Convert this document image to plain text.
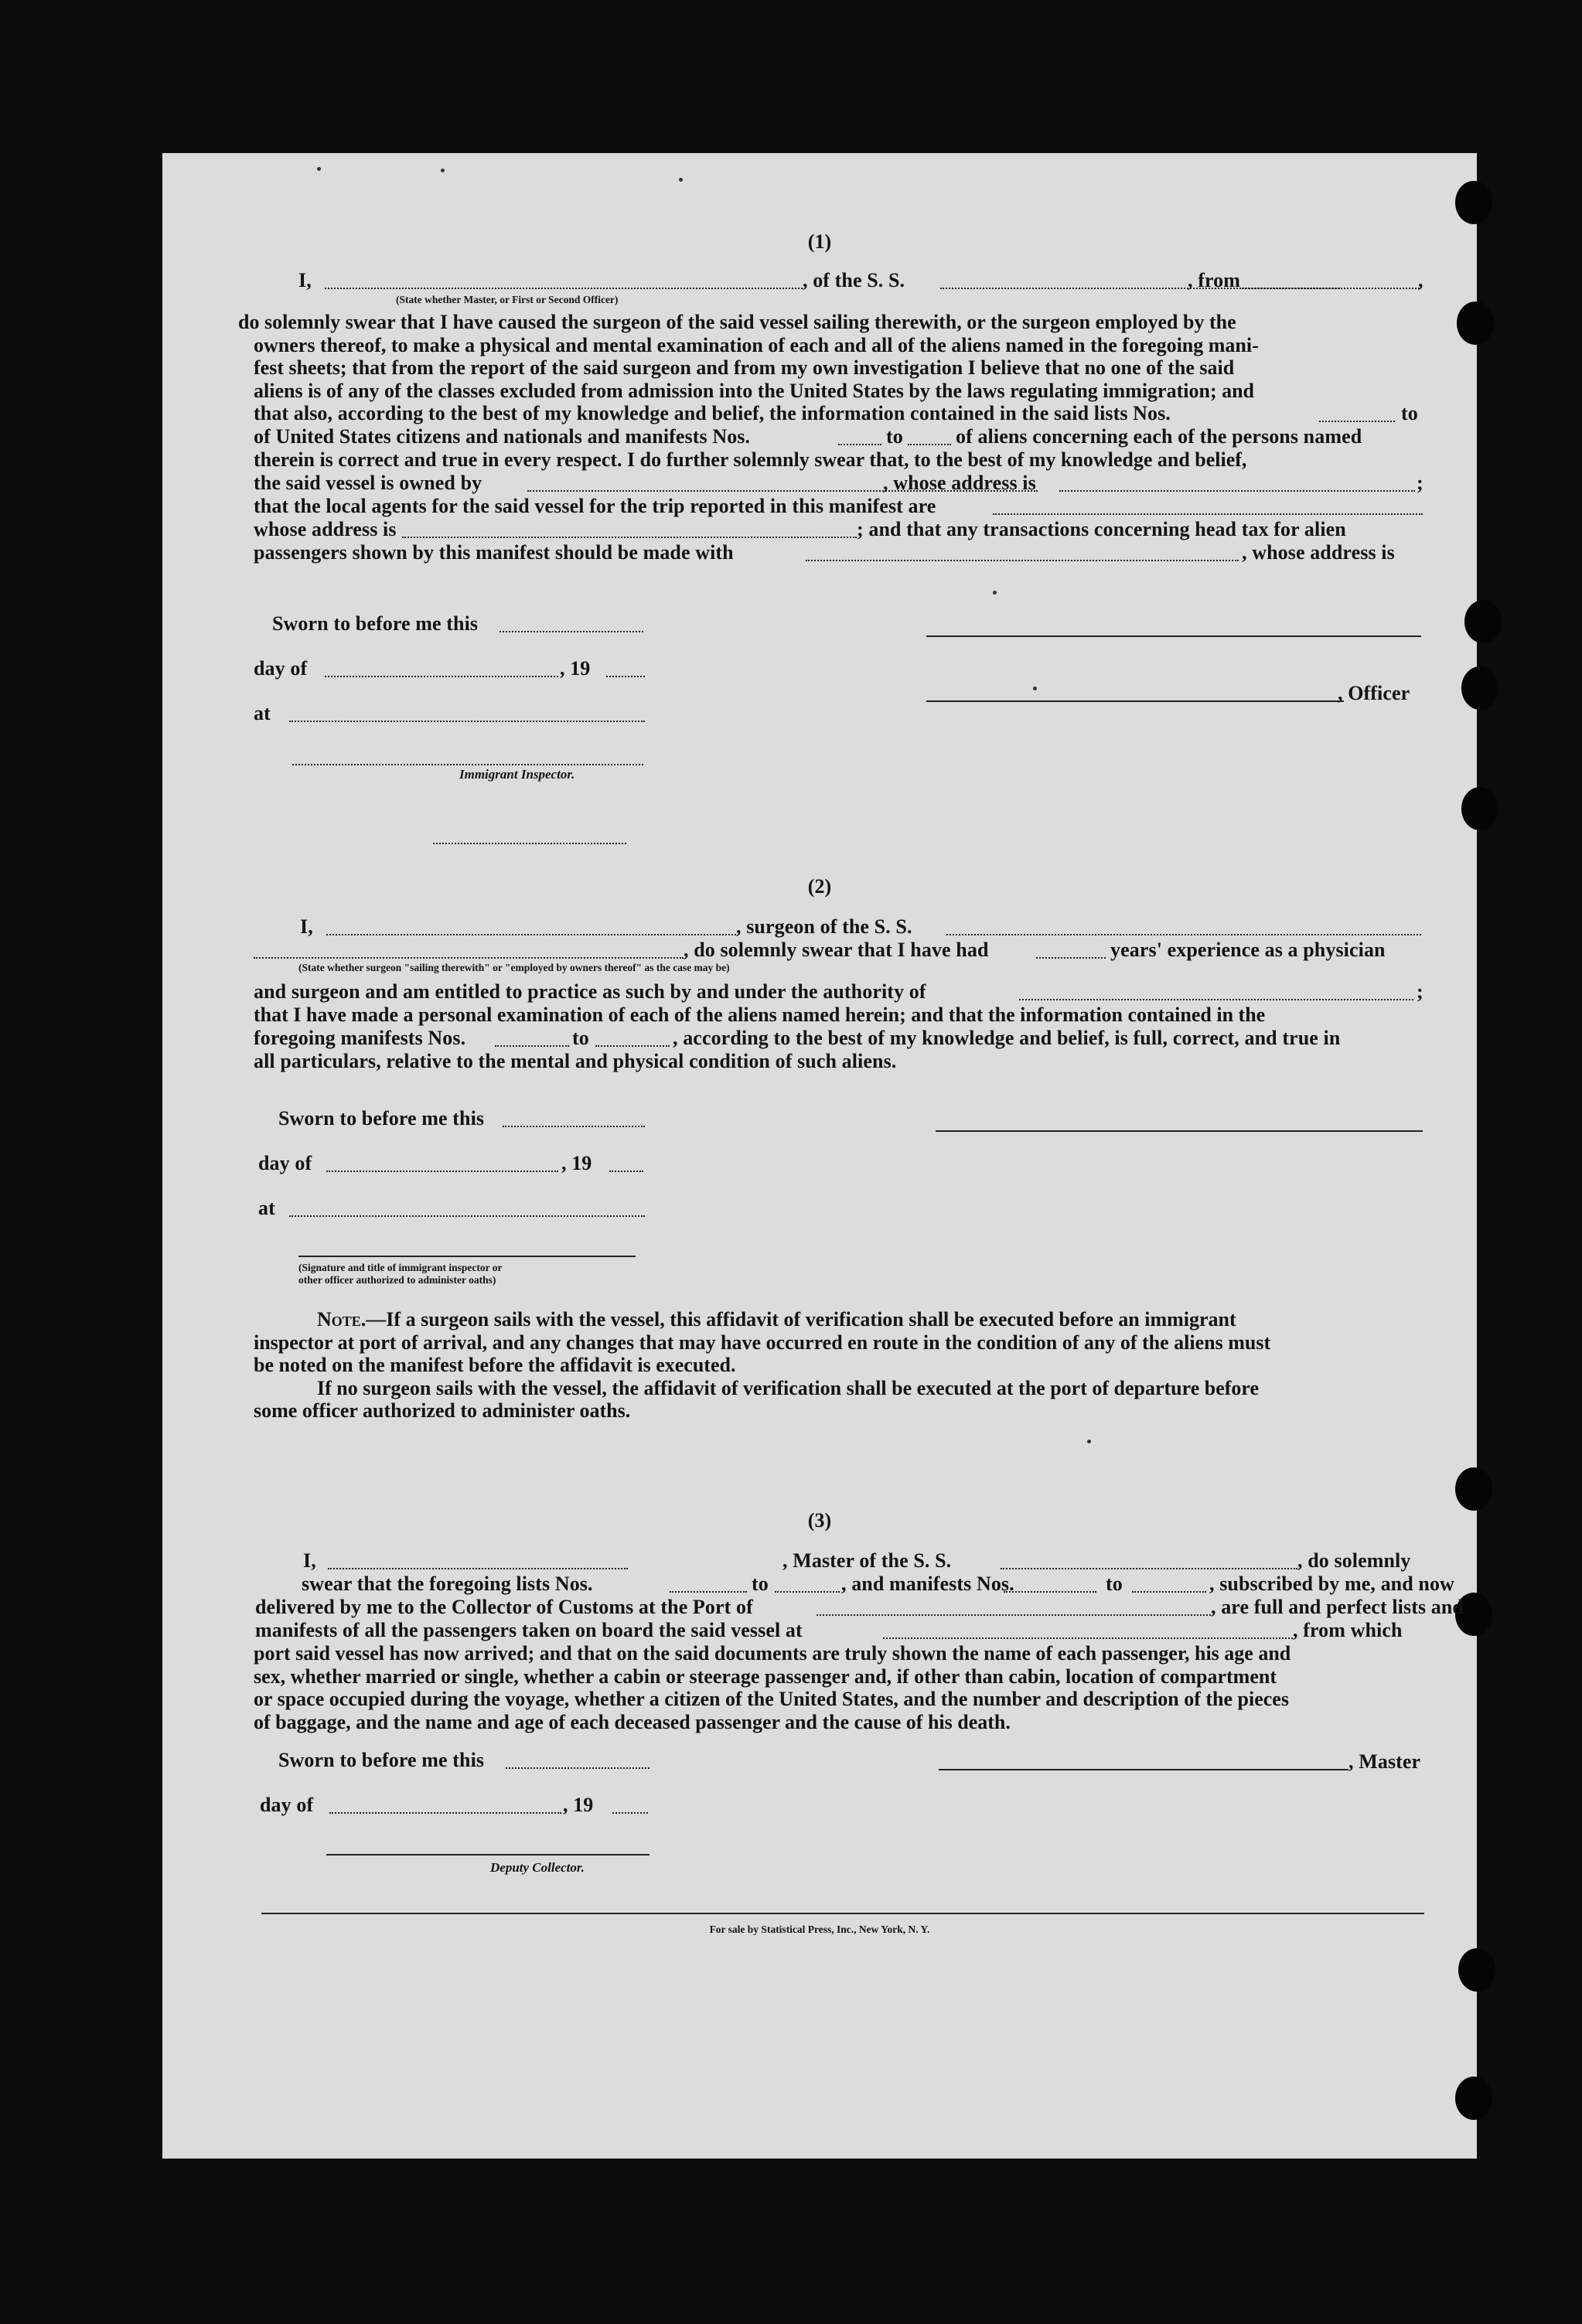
(1)
I,	, of the S. S.	, from	,
(State whether Master, or First or Second Officer)
do solemnly swear that I have caused the surgeon of the said vessel sailing therewith, or the surgeon employed by the
owners thereof, to make a physical and mental examination of each and all of the aliens named in the foregoing mani-
fest sheets; that from the report of the said surgeon and from my own investigation I believe that no one of the said
aliens is of any of the classes excluded from admission into the United States by the laws regulating immigration; and
that also, according to the best of my knowledge and belief, the information contained in the said lists Nos.	to
of United States citizens and nationals and manifests Nos.	to	of aliens concerning each of the persons named
therein is correct and true in every respect. I do further solemnly swear that, to the best of my knowledge and belief,
the said vessel is owned by	, whose address is	;
that the local agents for the said vessel for the trip reported in this manifest are
whose address is	; and that any transactions concerning head tax for alien
passengers shown by this manifest should be made with	, whose address is
Sworn to before me this
day of	, 19
, Officer
at
Immigrant Inspector.
(2)
I,	, surgeon of the S. S.
, do solemnly swear that I have had	years' experience as a physician
(State whether surgeon "sailing therewith" or "employed by owners thereof" as the case may be)
and surgeon and am entitled to practice as such by and under the authority of	;
that I have made a personal examination of each of the aliens named herein; and that the information contained in the
foregoing manifests Nos.	to	, according to the best of my knowledge and belief, is full, correct, and true in
all particulars, relative to the mental and physical condition of such aliens.
Sworn to before me this
day of	, 19
at
(Signature and title of immigrant inspector or
other officer authorized to administer oaths)
Note.—If a surgeon sails with the vessel, this affidavit of verification shall be executed before an immigrant
inspector at port of arrival, and any changes that may have occurred en route in the condition of any of the aliens must
be noted on the manifest before the affidavit is executed.
If no surgeon sails with the vessel, the affidavit of verification shall be executed at the port of departure before
some officer authorized to administer oaths.
(3)
I,	, Master of the S. S.	, do solemnly
swear that the foregoing lists Nos.	to	, and manifests Nos.	to	, subscribed by me, and now
delivered by me to the Collector of Customs at the Port of	, are full and perfect lists and
manifests of all the passengers taken on board the said vessel at	, from which
port said vessel has now arrived; and that on the said documents are truly shown the name of each passenger, his age and
sex, whether married or single, whether a cabin or steerage passenger and, if other than cabin, location of compartment
or space occupied during the voyage, whether a citizen of the United States, and the number and description of the pieces
of baggage, and the name and age of each deceased passenger and the cause of his death.
Sworn to before me this	, Master
day of	, 19
Deputy Collector.
For sale by Statistical Press, Inc., New York, N. Y.
